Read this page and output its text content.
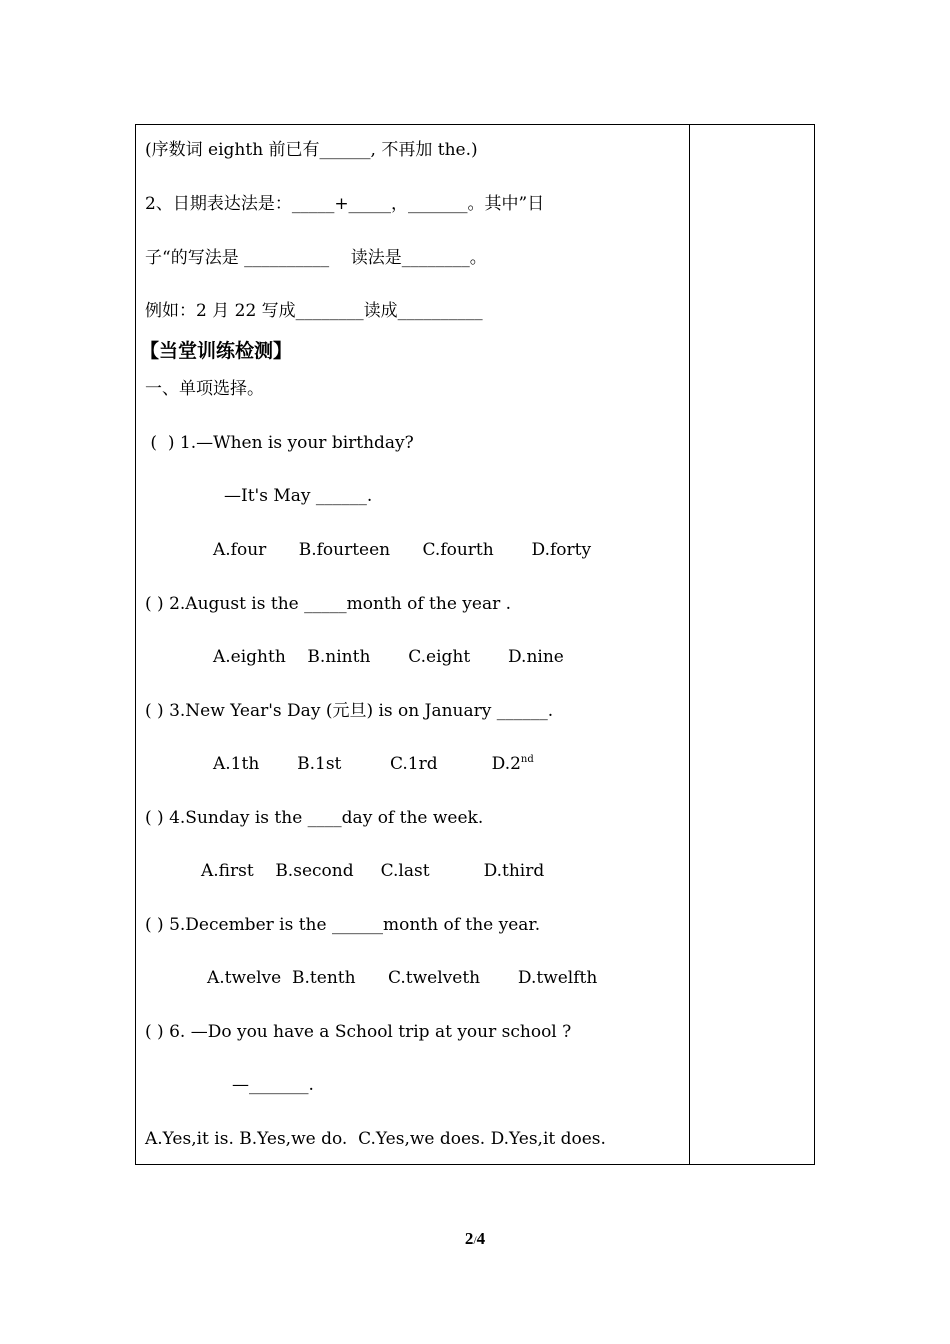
(序数词 eighth 前已有______, 不再加 the.)
2、日期表达法是：_____+_____，_______。其中”日
子“的写法是 __________    读法是________。
例如：2 月 22 写成________读成__________
【当堂训练检测】
一、单项选择。
(  ) 1.—When is your birthday?
—It's May ______.
A.four      B.fourteen      C.fourth       D.forty
( ) 2.August is the _____month of the year .
A.eighth    B.ninth       C.eight       D.nine
( ) 3.New Year's Day (元旦) is on January ______.
A.1th       B.1st         C.1rd          D.2nd
( ) 4.Sunday is the ____day of the week.
A.first    B.second     C.last          D.third
( ) 5.December is the ______month of the year.
A.twelve  B.tenth      C.twelveth       D.twelfth
( ) 6. —Do you have a School trip at your school ?
—_______.
A.Yes,it is. B.Yes,we do.  C.Yes,we does. D.Yes,it does.
2/4
